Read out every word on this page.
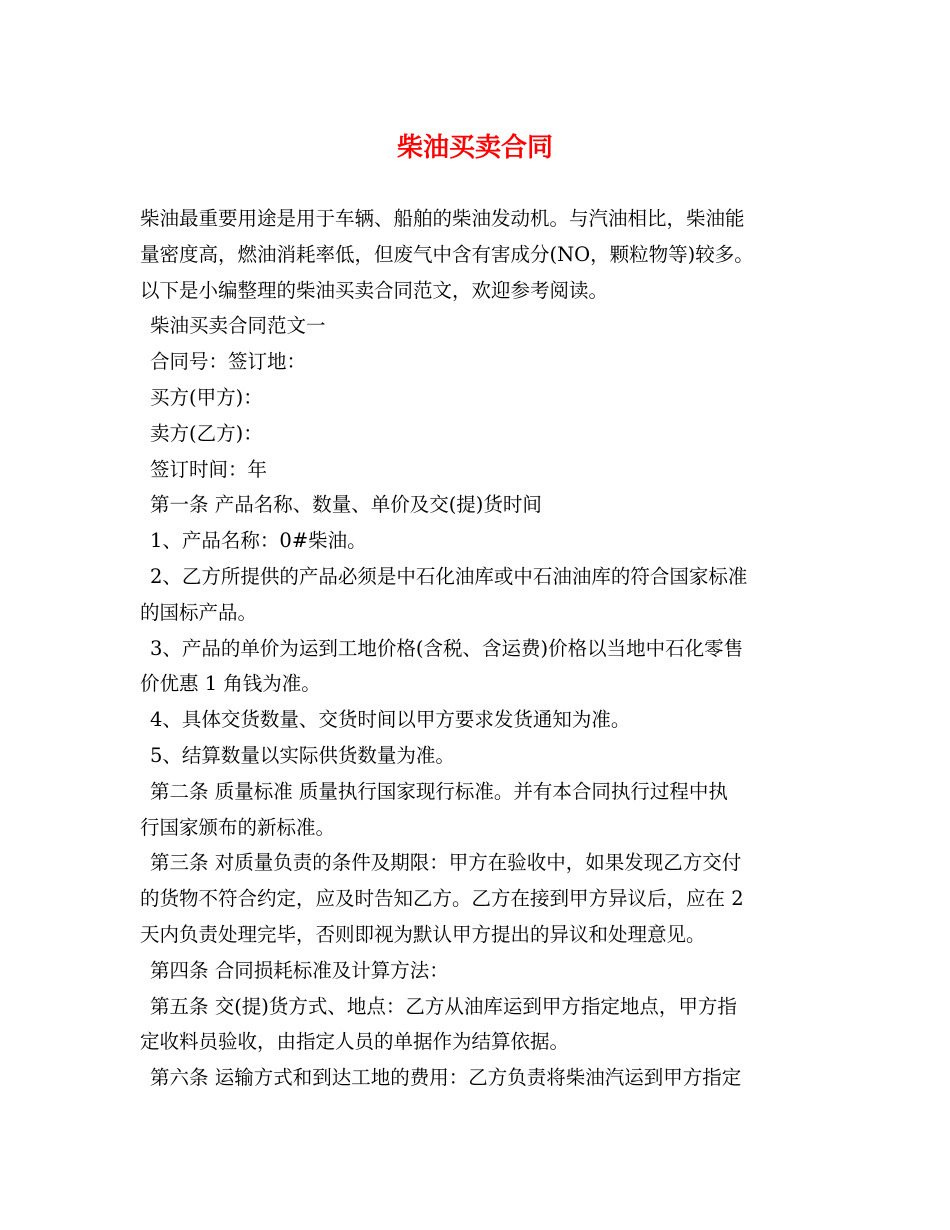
柴油买卖合同
柴油最重要用途是用于车辆、船舶的柴油发动机。与汽油相比，柴油能
量密度高，燃油消耗率低，但废气中含有害成分(NO，颗粒物等)较多。
以下是小编整理的柴油买卖合同范文，欢迎参考阅读。
柴油买卖合同范文一
合同号：签订地：
买方(甲方)：
卖方(乙方)：
签订时间：年
第一条 产品名称、数量、单价及交(提)货时间
1、产品名称：0#柴油。
2、乙方所提供的产品必须是中石化油库或中石油油库的符合国家标准
的国标产品。
3、产品的单价为运到工地价格(含税、含运费)价格以当地中石化零售
价优惠 1 角钱为准。
4、具体交货数量、交货时间以甲方要求发货通知为准。
5、结算数量以实际供货数量为准。
第二条 质量标准 质量执行国家现行标准。并有本合同执行过程中执
行国家颁布的新标准。
第三条 对质量负责的条件及期限：甲方在验收中，如果发现乙方交付
的货物不符合约定，应及时告知乙方。乙方在接到甲方异议后，应在 2
天内负责处理完毕，否则即视为默认甲方提出的异议和处理意见。
第四条 合同损耗标准及计算方法：
第五条 交(提)货方式、地点：乙方从油库运到甲方指定地点，甲方指
定收料员验收，由指定人员的单据作为结算依据。
第六条 运输方式和到达工地的费用：乙方负责将柴油汽运到甲方指定
